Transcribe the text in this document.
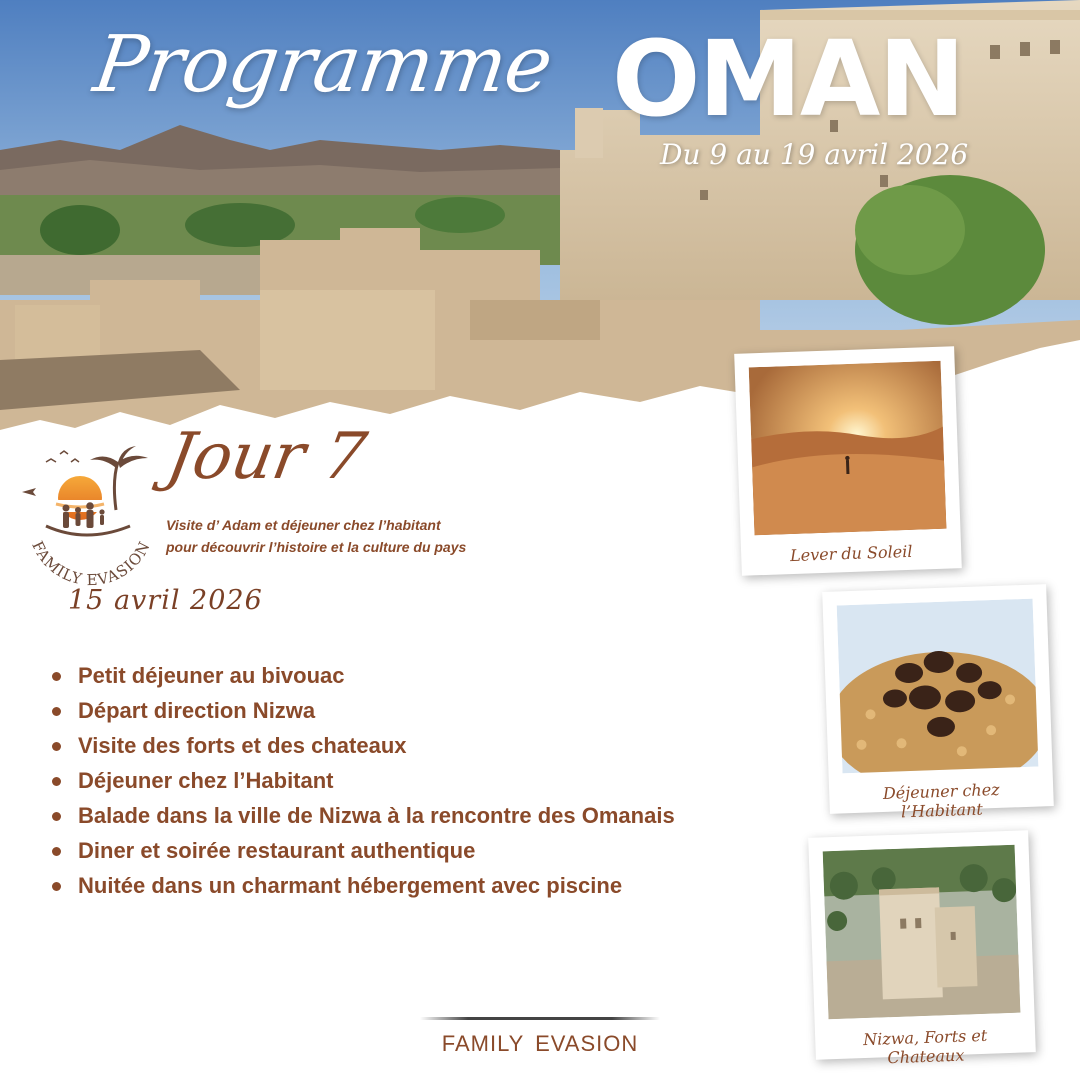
Programme OMAN
Du 9 au 19 avril 2026
FAMILY EVASION
Jour 7
Visite d’ Adam et déjeuner chez l’habitant
pour découvrir l’histoire et la culture du pays
15 avril 2026
Petit déjeuner au bivouac
Départ direction Nizwa
Visite des forts et des chateaux
Déjeuner chez l’Habitant
Balade dans la ville de Nizwa à la rencontre des Omanais
Diner et soirée restaurant authentique
Nuitée dans un charmant hébergement avec piscine
Lever du Soleil
Déjeuner chez l’Habitant
Nizwa, Forts et Chateaux
FAMILY EVASION
